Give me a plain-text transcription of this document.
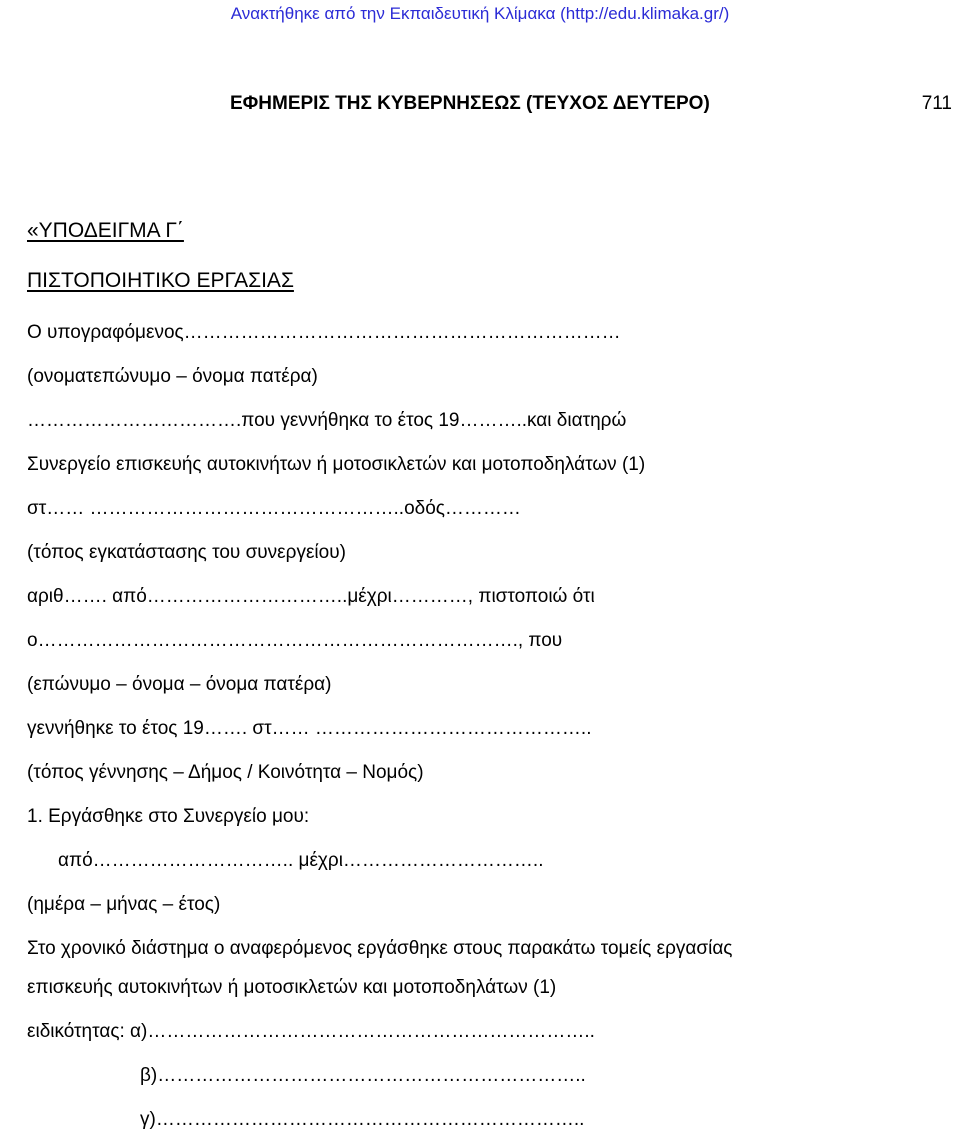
Ανακτήθηκε από την Εκπαιδευτική Κλίμακα (http://edu.klimaka.gr/)
ΕΦΗΜΕΡΙΣ ΤΗΣ ΚΥΒΕΡΝΗΣΕΩΣ (ΤΕΥΧΟΣ ΔΕΥΤΕΡΟ)	711
«ΥΠΟΔΕΙΓΜΑ Γ΄
ΠΙΣΤΟΠΟΙΗΤΙΚΟ ΕΡΓΑΣΙΑΣ
Ο υπογραφόμενος……………………………………………………………
(ονοματεπώνυμο – όνομα πατέρα)
…………………………….που γεννήθηκα το έτος 19………..και διατηρώ
Συνεργείο επισκευής αυτοκινήτων ή μοτοσικλετών και μοτοποδηλάτων (1)
στ…… …………………………………………..οδός…………
(τόπος εγκατάστασης του συνεργείου)
αριθ……. από…………………………..μέχρι…………, πιστοποιώ ότι
ο…………………………………………………………………., που
(επώνυμο – όνομα – όνομα πατέρα)
γεννήθηκε το έτος 19……. στ…… ……………………………………..
(τόπος γέννησης – Δήμος / Κοινότητα – Νομός)
1. Εργάσθηκε στο Συνεργείο μου:
από………………………….. μέχρι…………………………..
(ημέρα – μήνας – έτος)
Στο χρονικό διάστημα ο αναφερόμενος εργάσθηκε στους παρακάτω τομείς εργασίας
επισκευής αυτοκινήτων ή μοτοσικλετών και μοτοποδηλάτων (1)
ειδικότητας: α)……………………………………………………………..
β)…………………………………………………………..
γ)…………………………………………………………..
